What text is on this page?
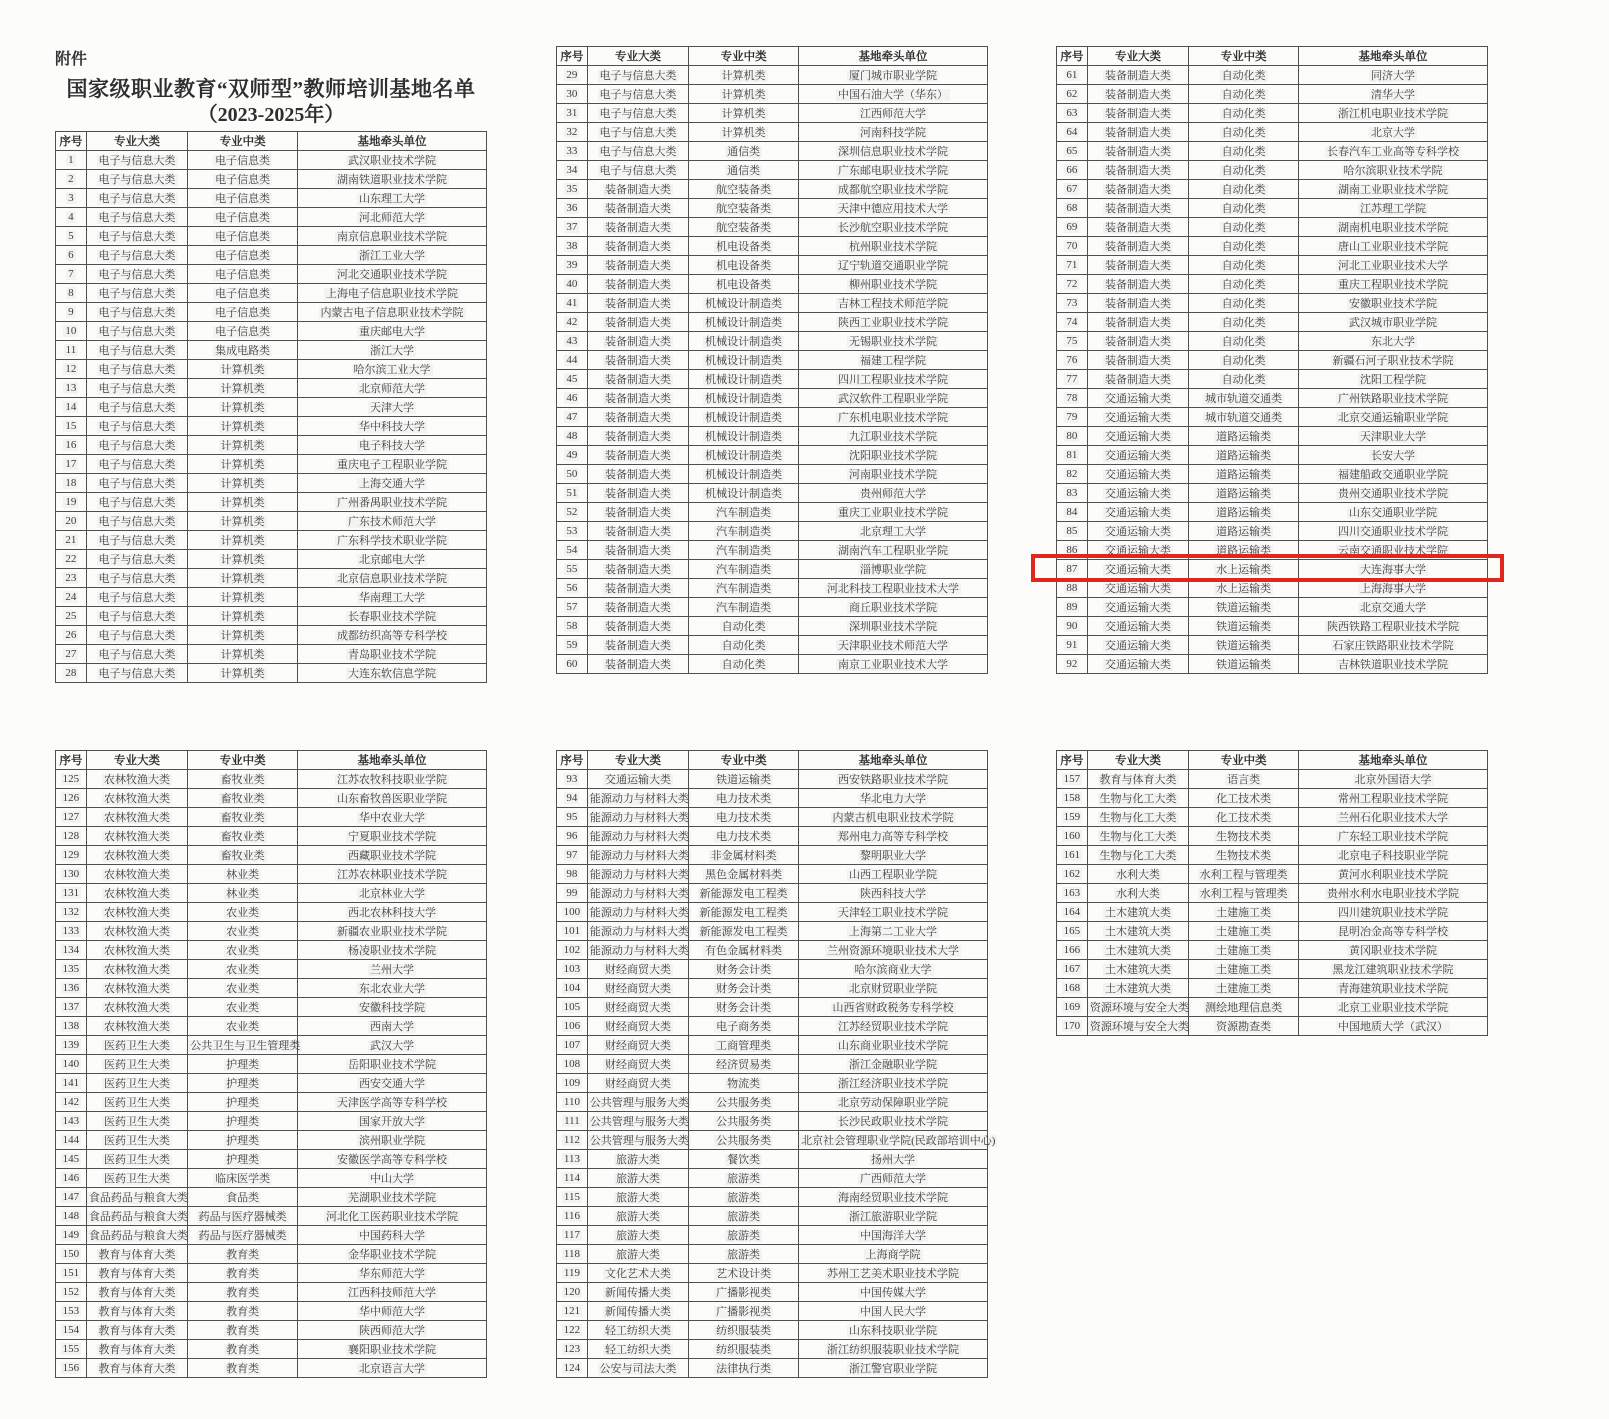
附件
国家级职业教育“双师型”教师培训基地名单
（2023-2025年）
序号	专业大类	专业中类	基地牵头单位
1	电子与信息大类	电子信息类	武汉职业技术学院
2	电子与信息大类	电子信息类	湖南铁道职业技术学院
3	电子与信息大类	电子信息类	山东理工大学
4	电子与信息大类	电子信息类	河北师范大学
5	电子与信息大类	电子信息类	南京信息职业技术学院
6	电子与信息大类	电子信息类	浙江工业大学
7	电子与信息大类	电子信息类	河北交通职业技术学院
8	电子与信息大类	电子信息类	上海电子信息职业技术学院
9	电子与信息大类	电子信息类	内蒙古电子信息职业技术学院
10	电子与信息大类	电子信息类	重庆邮电大学
11	电子与信息大类	集成电路类	浙江大学
12	电子与信息大类	计算机类	哈尔滨工业大学
13	电子与信息大类	计算机类	北京师范大学
14	电子与信息大类	计算机类	天津大学
15	电子与信息大类	计算机类	华中科技大学
16	电子与信息大类	计算机类	电子科技大学
17	电子与信息大类	计算机类	重庆电子工程职业学院
18	电子与信息大类	计算机类	上海交通大学
19	电子与信息大类	计算机类	广州番禺职业技术学院
20	电子与信息大类	计算机类	广东技术师范大学
21	电子与信息大类	计算机类	广东科学技术职业学院
22	电子与信息大类	计算机类	北京邮电大学
23	电子与信息大类	计算机类	北京信息职业技术学院
24	电子与信息大类	计算机类	华南理工大学
25	电子与信息大类	计算机类	长春职业技术学院
26	电子与信息大类	计算机类	成都纺织高等专科学校
27	电子与信息大类	计算机类	青岛职业技术学院
28	电子与信息大类	计算机类	大连东软信息学院
序号	专业大类	专业中类	基地牵头单位
29	电子与信息大类	计算机类	厦门城市职业学院
30	电子与信息大类	计算机类	中国石油大学（华东）
31	电子与信息大类	计算机类	江西师范大学
32	电子与信息大类	计算机类	河南科技学院
33	电子与信息大类	通信类	深圳信息职业技术学院
34	电子与信息大类	通信类	广东邮电职业技术学院
35	装备制造大类	航空装备类	成都航空职业技术学院
36	装备制造大类	航空装备类	天津中德应用技术大学
37	装备制造大类	航空装备类	长沙航空职业技术学院
38	装备制造大类	机电设备类	杭州职业技术学院
39	装备制造大类	机电设备类	辽宁轨道交通职业学院
40	装备制造大类	机电设备类	柳州职业技术学院
41	装备制造大类	机械设计制造类	吉林工程技术师范学院
42	装备制造大类	机械设计制造类	陕西工业职业技术学院
43	装备制造大类	机械设计制造类	无锡职业技术学院
44	装备制造大类	机械设计制造类	福建工程学院
45	装备制造大类	机械设计制造类	四川工程职业技术学院
46	装备制造大类	机械设计制造类	武汉软件工程职业学院
47	装备制造大类	机械设计制造类	广东机电职业技术学院
48	装备制造大类	机械设计制造类	九江职业技术学院
49	装备制造大类	机械设计制造类	沈阳职业技术学院
50	装备制造大类	机械设计制造类	河南职业技术学院
51	装备制造大类	机械设计制造类	贵州师范大学
52	装备制造大类	汽车制造类	重庆工业职业技术学院
53	装备制造大类	汽车制造类	北京理工大学
54	装备制造大类	汽车制造类	湖南汽车工程职业学院
55	装备制造大类	汽车制造类	淄博职业学院
56	装备制造大类	汽车制造类	河北科技工程职业技术大学
57	装备制造大类	汽车制造类	商丘职业技术学院
58	装备制造大类	自动化类	深圳职业技术学院
59	装备制造大类	自动化类	天津职业技术师范大学
60	装备制造大类	自动化类	南京工业职业技术大学
序号	专业大类	专业中类	基地牵头单位
61	装备制造大类	自动化类	同济大学
62	装备制造大类	自动化类	清华大学
63	装备制造大类	自动化类	浙江机电职业技术学院
64	装备制造大类	自动化类	北京大学
65	装备制造大类	自动化类	长春汽车工业高等专科学校
66	装备制造大类	自动化类	哈尔滨职业技术学院
67	装备制造大类	自动化类	湖南工业职业技术学院
68	装备制造大类	自动化类	江苏理工学院
69	装备制造大类	自动化类	湖南机电职业技术学院
70	装备制造大类	自动化类	唐山工业职业技术学院
71	装备制造大类	自动化类	河北工业职业技术大学
72	装备制造大类	自动化类	重庆工程职业技术学院
73	装备制造大类	自动化类	安徽职业技术学院
74	装备制造大类	自动化类	武汉城市职业学院
75	装备制造大类	自动化类	东北大学
76	装备制造大类	自动化类	新疆石河子职业技术学院
77	装备制造大类	自动化类	沈阳工程学院
78	交通运输大类	城市轨道交通类	广州铁路职业技术学院
79	交通运输大类	城市轨道交通类	北京交通运输职业学院
80	交通运输大类	道路运输类	天津职业大学
81	交通运输大类	道路运输类	长安大学
82	交通运输大类	道路运输类	福建船政交通职业学院
83	交通运输大类	道路运输类	贵州交通职业技术学院
84	交通运输大类	道路运输类	山东交通职业学院
85	交通运输大类	道路运输类	四川交通职业技术学院
86	交通运输大类	道路运输类	云南交通职业技术学院
87	交通运输大类	水上运输类	大连海事大学
88	交通运输大类	水上运输类	上海海事大学
89	交通运输大类	铁道运输类	北京交通大学
90	交通运输大类	铁道运输类	陕西铁路工程职业技术学院
91	交通运输大类	铁道运输类	石家庄铁路职业技术学院
92	交通运输大类	铁道运输类	吉林铁道职业技术学院
序号	专业大类	专业中类	基地牵头单位
125	农林牧渔大类	畜牧业类	江苏农牧科技职业学院
126	农林牧渔大类	畜牧业类	山东畜牧兽医职业学院
127	农林牧渔大类	畜牧业类	华中农业大学
128	农林牧渔大类	畜牧业类	宁夏职业技术学院
129	农林牧渔大类	畜牧业类	西藏职业技术学院
130	农林牧渔大类	林业类	江苏农林职业技术学院
131	农林牧渔大类	林业类	北京林业大学
132	农林牧渔大类	农业类	西北农林科技大学
133	农林牧渔大类	农业类	新疆农业职业技术学院
134	农林牧渔大类	农业类	杨凌职业技术学院
135	农林牧渔大类	农业类	兰州大学
136	农林牧渔大类	农业类	东北农业大学
137	农林牧渔大类	农业类	安徽科技学院
138	农林牧渔大类	农业类	西南大学
139	医药卫生大类	公共卫生与卫生管理类	武汉大学
140	医药卫生大类	护理类	岳阳职业技术学院
141	医药卫生大类	护理类	西安交通大学
142	医药卫生大类	护理类	天津医学高等专科学校
143	医药卫生大类	护理类	国家开放大学
144	医药卫生大类	护理类	滨州职业学院
145	医药卫生大类	护理类	安徽医学高等专科学校
146	医药卫生大类	临床医学类	中山大学
147	食品药品与粮食大类	食品类	芜湖职业技术学院
148	食品药品与粮食大类	药品与医疗器械类	河北化工医药职业技术学院
149	食品药品与粮食大类	药品与医疗器械类	中国药科大学
150	教育与体育大类	教育类	金华职业技术学院
151	教育与体育大类	教育类	华东师范大学
152	教育与体育大类	教育类	江西科技师范大学
153	教育与体育大类	教育类	华中师范大学
154	教育与体育大类	教育类	陕西师范大学
155	教育与体育大类	教育类	襄阳职业技术学院
156	教育与体育大类	教育类	北京语言大学
序号	专业大类	专业中类	基地牵头单位
93	交通运输大类	铁道运输类	西安铁路职业技术学院
94	能源动力与材料大类	电力技术类	华北电力大学
95	能源动力与材料大类	电力技术类	内蒙古机电职业技术学院
96	能源动力与材料大类	电力技术类	郑州电力高等专科学校
97	能源动力与材料大类	非金属材料类	黎明职业大学
98	能源动力与材料大类	黑色金属材料类	山西工程职业学院
99	能源动力与材料大类	新能源发电工程类	陕西科技大学
100	能源动力与材料大类	新能源发电工程类	天津轻工职业技术学院
101	能源动力与材料大类	新能源发电工程类	上海第二工业大学
102	能源动力与材料大类	有色金属材料类	兰州资源环境职业技术大学
103	财经商贸大类	财务会计类	哈尔滨商业大学
104	财经商贸大类	财务会计类	北京财贸职业学院
105	财经商贸大类	财务会计类	山西省财政税务专科学校
106	财经商贸大类	电子商务类	江苏经贸职业技术学院
107	财经商贸大类	工商管理类	山东商业职业技术学院
108	财经商贸大类	经济贸易类	浙江金融职业学院
109	财经商贸大类	物流类	浙江经济职业技术学院
110	公共管理与服务大类	公共服务类	北京劳动保障职业学院
111	公共管理与服务大类	公共服务类	长沙民政职业技术学院
112	公共管理与服务大类	公共服务类	北京社会管理职业学院(民政部培训中心)
113	旅游大类	餐饮类	扬州大学
114	旅游大类	旅游类	广西师范大学
115	旅游大类	旅游类	海南经贸职业技术学院
116	旅游大类	旅游类	浙江旅游职业学院
117	旅游大类	旅游类	中国海洋大学
118	旅游大类	旅游类	上海商学院
119	文化艺术大类	艺术设计类	苏州工艺美术职业技术学院
120	新闻传播大类	广播影视类	中国传媒大学
121	新闻传播大类	广播影视类	中国人民大学
122	轻工纺织大类	纺织服装类	山东科技职业学院
123	轻工纺织大类	纺织服装类	浙江纺织服装职业技术学院
124	公安与司法大类	法律执行类	浙江警官职业学院
序号	专业大类	专业中类	基地牵头单位
157	教育与体育大类	语言类	北京外国语大学
158	生物与化工大类	化工技术类	常州工程职业技术学院
159	生物与化工大类	化工技术类	兰州石化职业技术大学
160	生物与化工大类	生物技术类	广东轻工职业技术学院
161	生物与化工大类	生物技术类	北京电子科技职业学院
162	水利大类	水利工程与管理类	黄河水利职业技术学院
163	水利大类	水利工程与管理类	贵州水利水电职业技术学院
164	土木建筑大类	土建施工类	四川建筑职业技术学院
165	土木建筑大类	土建施工类	昆明冶金高等专科学校
166	土木建筑大类	土建施工类	黄冈职业技术学院
167	土木建筑大类	土建施工类	黑龙江建筑职业技术学院
168	土木建筑大类	土建施工类	青海建筑职业技术学院
169	资源环境与安全大类	测绘地理信息类	北京工业职业技术学院
170	资源环境与安全大类	资源勘查类	中国地质大学（武汉）
